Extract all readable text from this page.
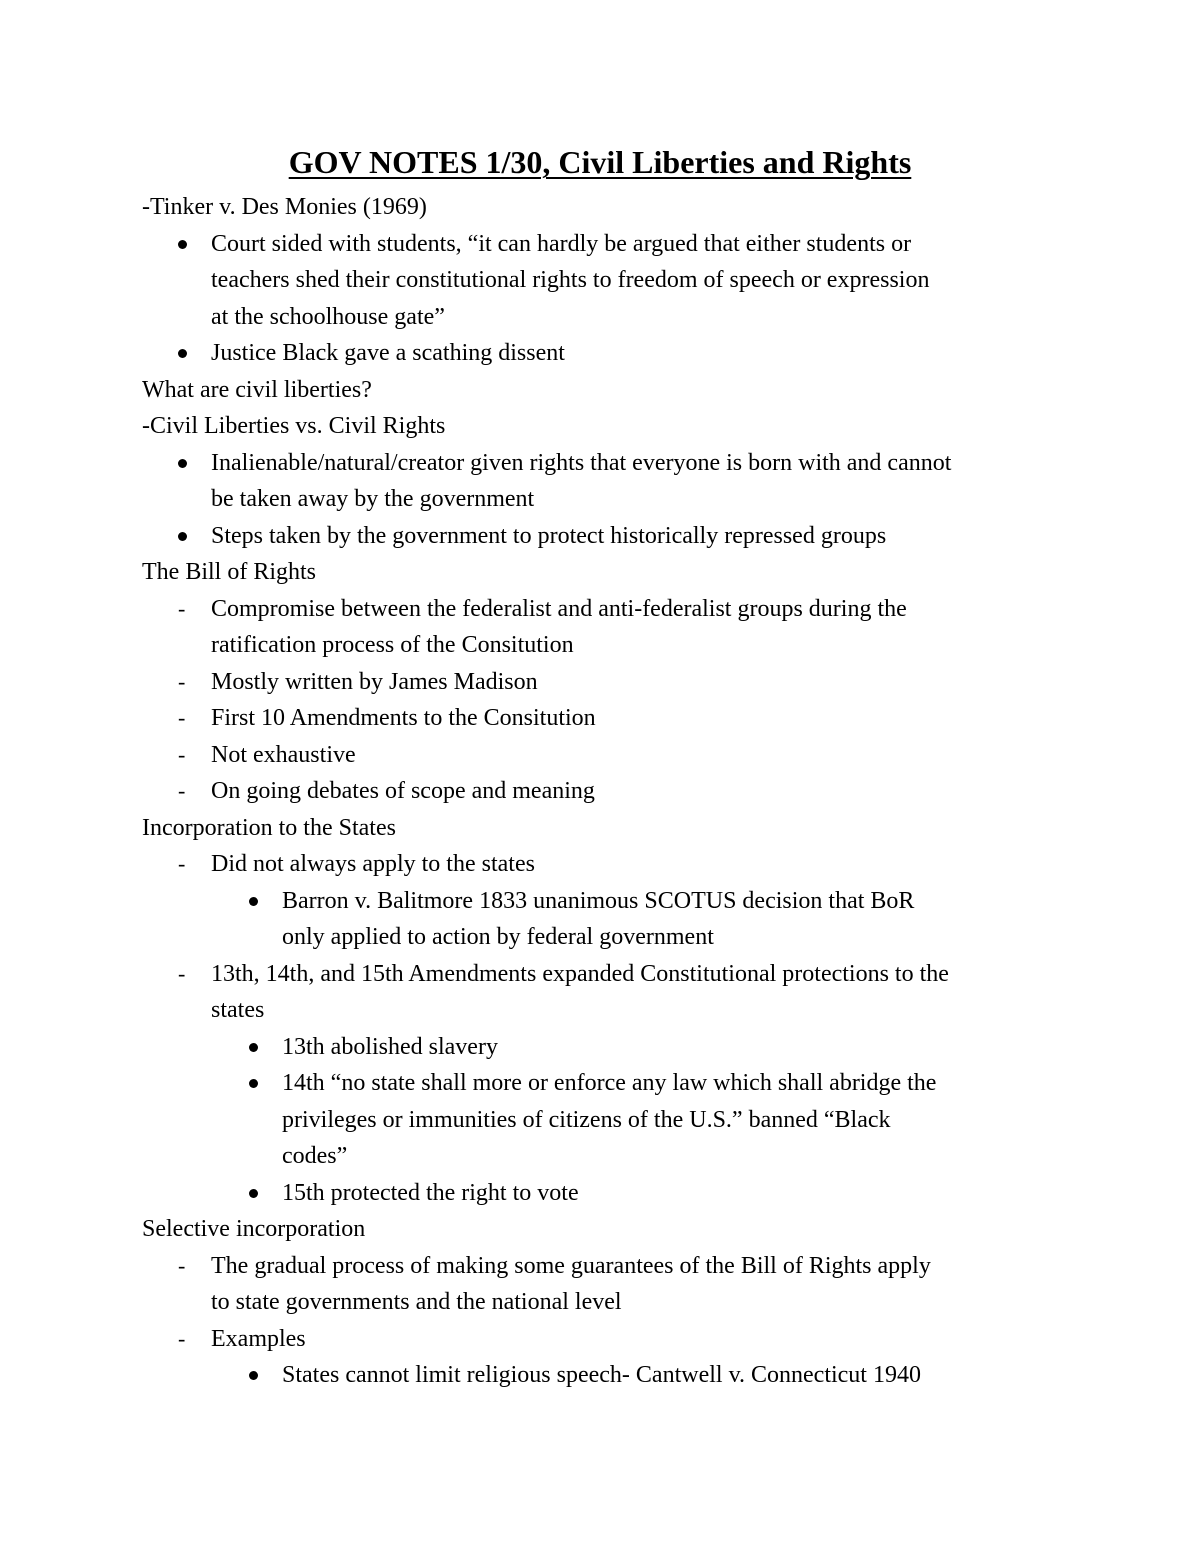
GOV NOTES 1/30, Civil Liberties and Rights
-Tinker v. Des Monies (1969)
Court sided with students, “it can hardly be argued that either students or
teachers shed their constitutional rights to freedom of speech or expression
at the schoolhouse gate”
Justice Black gave a scathing dissent
What are civil liberties?
-Civil Liberties vs. Civil Rights
Inalienable/natural/creator given rights that everyone is born with and cannot
be taken away by the government
Steps taken by the government to protect historically repressed groups
The Bill of Rights
- Compromise between the federalist and anti-federalist groups during the
ratification process of the Consitution
- Mostly written by James Madison
- First 10 Amendments to the Consitution
- Not exhaustive
- On going debates of scope and meaning
Incorporation to the States
- Did not always apply to the states
Barron v. Balitmore 1833 unanimous SCOTUS decision that BoR
only applied to action by federal government
- 13th, 14th, and 15th Amendments expanded Constitutional protections to the
states
13th abolished slavery
14th “no state shall more or enforce any law which shall abridge the
privileges or immunities of citizens of the U.S.” banned “Black
codes”
15th protected the right to vote
Selective incorporation
- The gradual process of making some guarantees of the Bill of Rights apply
to state governments and the national level
- Examples
States cannot limit religious speech- Cantwell v. Connecticut 1940
